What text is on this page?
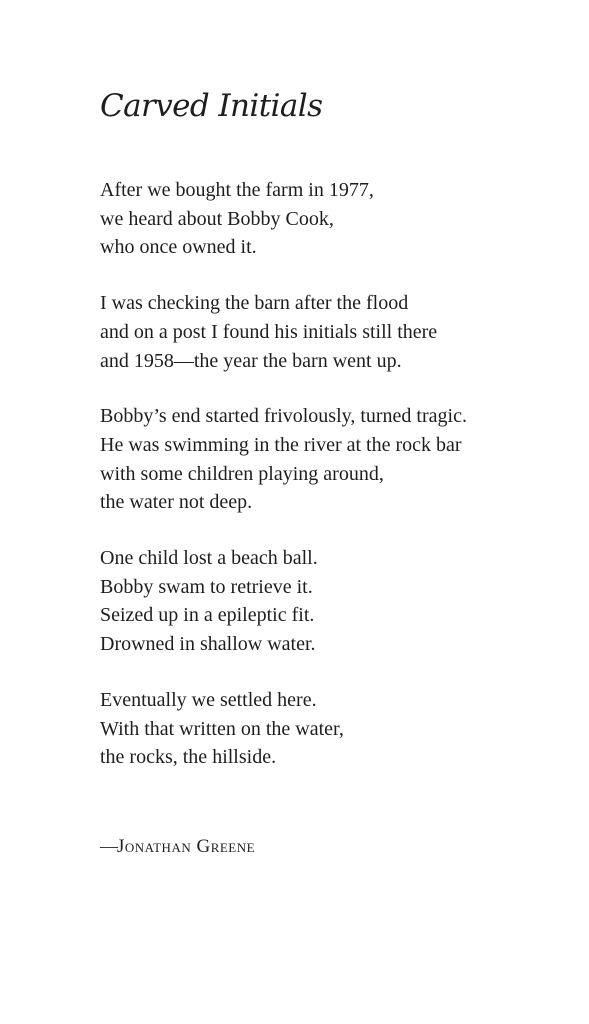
Carved Initials
After we bought the farm in 1977,
we heard about Bobby Cook,
who once owned it.
I was checking the barn after the flood
and on a post I found his initials still there
and 1958—the year the barn went up.
Bobby’s end started frivolously, turned tragic.
He was swimming in the river at the rock bar
with some children playing around,
the water not deep.
One child lost a beach ball.
Bobby swam to retrieve it.
Seized up in a epileptic fit.
Drowned in shallow water.
Eventually we settled here.
With that written on the water,
the rocks, the hillside.
—Jonathan Greene
